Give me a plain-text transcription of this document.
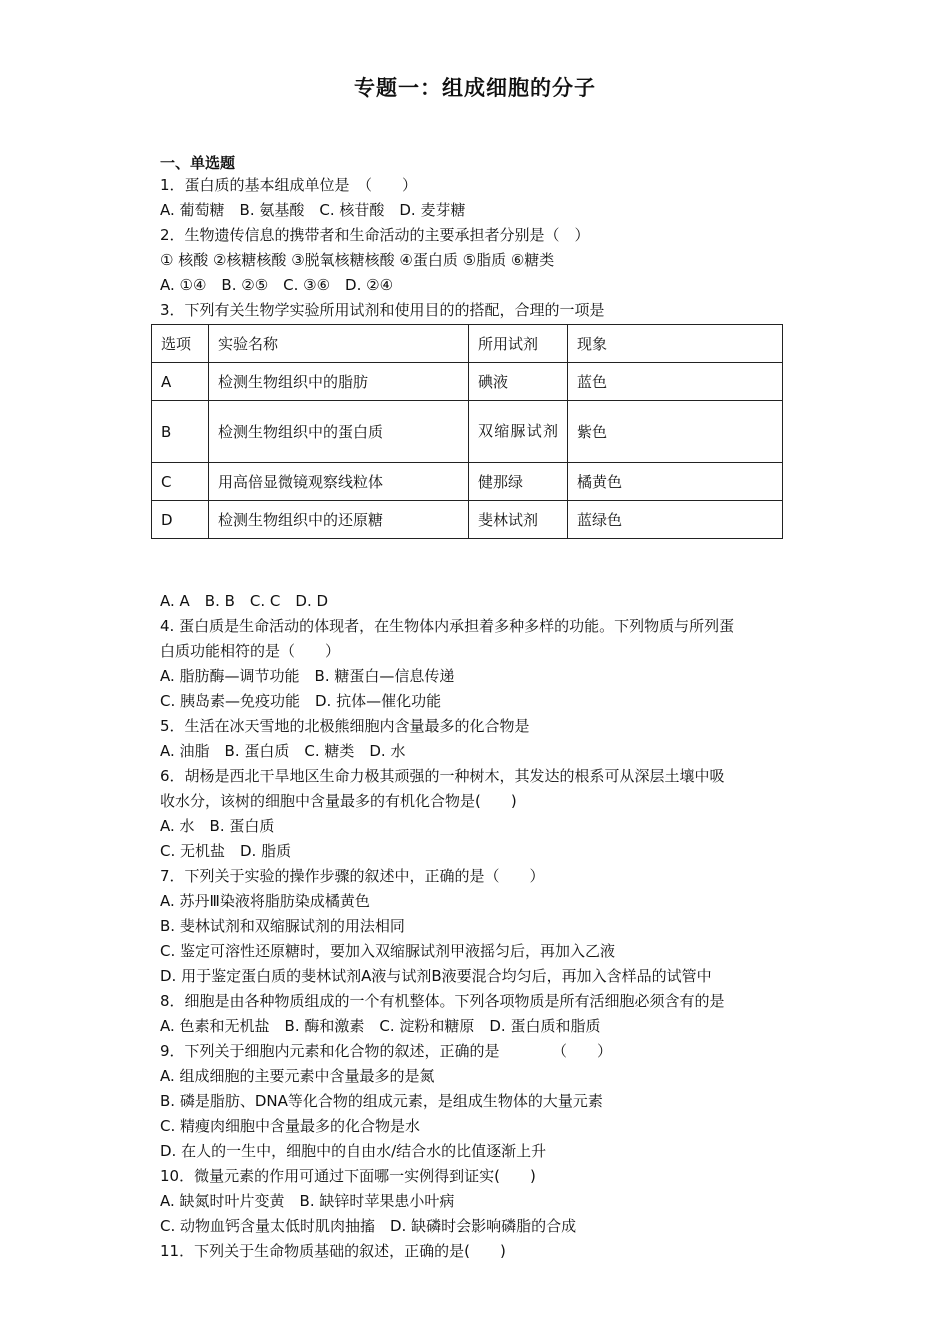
专题一：组成细胞的分子
一、单选题
1．蛋白质的基本组成单位是　（　　）
A. 葡萄糖　B. 氨基酸　C. 核苷酸　D. 麦芽糖
2．生物遗传信息的携带者和生命活动的主要承担者分别是（　）
① 核酸 ②核糖核酸 ③脱氧核糖核酸 ④蛋白质 ⑤脂质 ⑥糖类
A. ①④　B. ②⑤　C. ③⑥　D. ②④
3．下列有关生物学实验所用试剂和使用目的的搭配，合理的一项是
选项	实验名称	所用试剂	现象
A	检测生物组织中的脂肪	碘液	蓝色
B	检测生物组织中的蛋白质	双缩脲试剂	紫色
C	用高倍显微镜观察线粒体	健那绿	橘黄色
D	检测生物组织中的还原糖	斐林试剂	蓝绿色
A. A　B. B　C. C　D. D
4. 蛋白质是生命活动的体现者，在生物体内承担着多种多样的功能。下列物质与所列蛋
白质功能相符的是（　　）
A. 脂肪酶—调节功能　B. 糖蛋白—信息传递
C. 胰岛素—免疫功能　D. 抗体—催化功能
5．生活在冰天雪地的北极熊细胞内含量最多的化合物是
A. 油脂　B. 蛋白质　C. 糖类　D. 水
6．胡杨是西北干旱地区生命力极其顽强的一种树木，其发达的根系可从深层土壤中吸
收水分，该树的细胞中含量最多的有机化合物是(　　)
A. 水　B. 蛋白质
C. 无机盐　D. 脂质
7．下列关于实验的操作步骤的叙述中，正确的是（　　）
A. 苏丹Ⅲ染液将脂肪染成橘黄色
B. 斐林试剂和双缩脲试剂的用法相同
C. 鉴定可溶性还原糖时，要加入双缩脲试剂甲液摇匀后，再加入乙液
D. 用于鉴定蛋白质的斐林试剂A液与试剂B液要混合均匀后，再加入含样品的试管中
8．细胞是由各种物质组成的一个有机整体。下列各项物质是所有活细胞必须含有的是
A. 色素和无机盐　B. 酶和激素　C. 淀粉和糖原　D. 蛋白质和脂质
9．下列关于细胞内元素和化合物的叙述，正确的是　　　　（　　）
A. 组成细胞的主要元素中含量最多的是氮
B. 磷是脂肪、DNA等化合物的组成元素，是组成生物体的大量元素
C. 精瘦肉细胞中含量最多的化合物是水
D. 在人的一生中，细胞中的自由水/结合水的比值逐渐上升
10．微量元素的作用可通过下面哪一实例得到证实(　　)
A. 缺氮时叶片变黄　B. 缺锌时苹果患小叶病
C. 动物血钙含量太低时肌肉抽搐　D. 缺磷时会影响磷脂的合成
11．下列关于生命物质基础的叙述，正确的是(　　)
